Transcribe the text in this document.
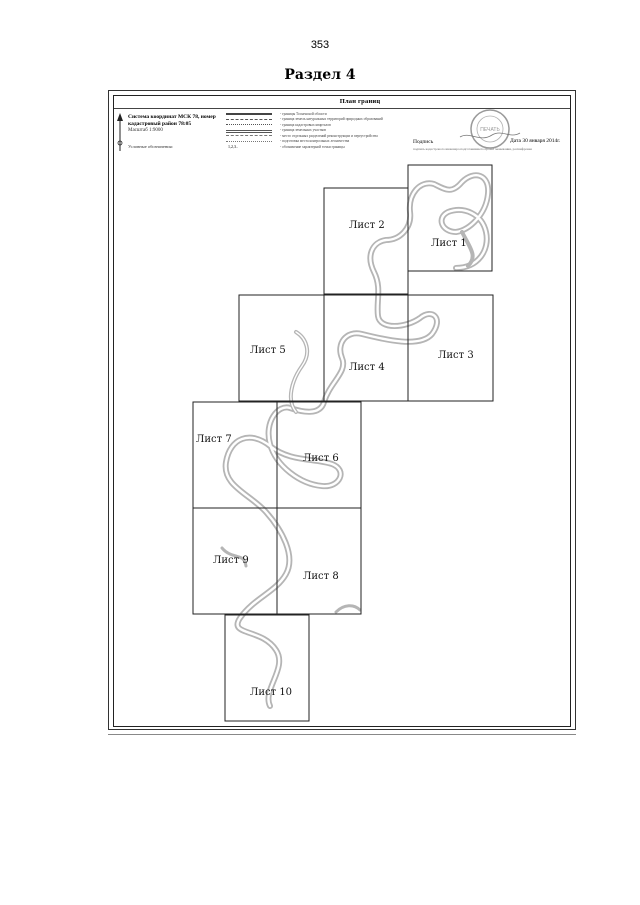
353
Раздел 4
План границ
Система координат МСК 78, номер кадастровый район 78:05
Масштаб 1:9000
Условные обозначения:
- границы Тосненской области
- граница земель натуральных территорий природных образований
- граница кадастровых кварталов
- граница земельных участков
- место отдельных разделений реконструкции и переустройства
- подготовка места контрольных лесничества
1,2,3..	- обозначение характерной точки границы
Подпись	Дата 30 января 2014г.
подпись кадастрового инженера подготовившего проект межевания, расшифровка
ПЕЧАТЬ
Лист 1
Лист 2
Лист 3
Лист 4
Лист 5
Лист 6
Лист 7
Лист 8
Лист 9
Лист 10
